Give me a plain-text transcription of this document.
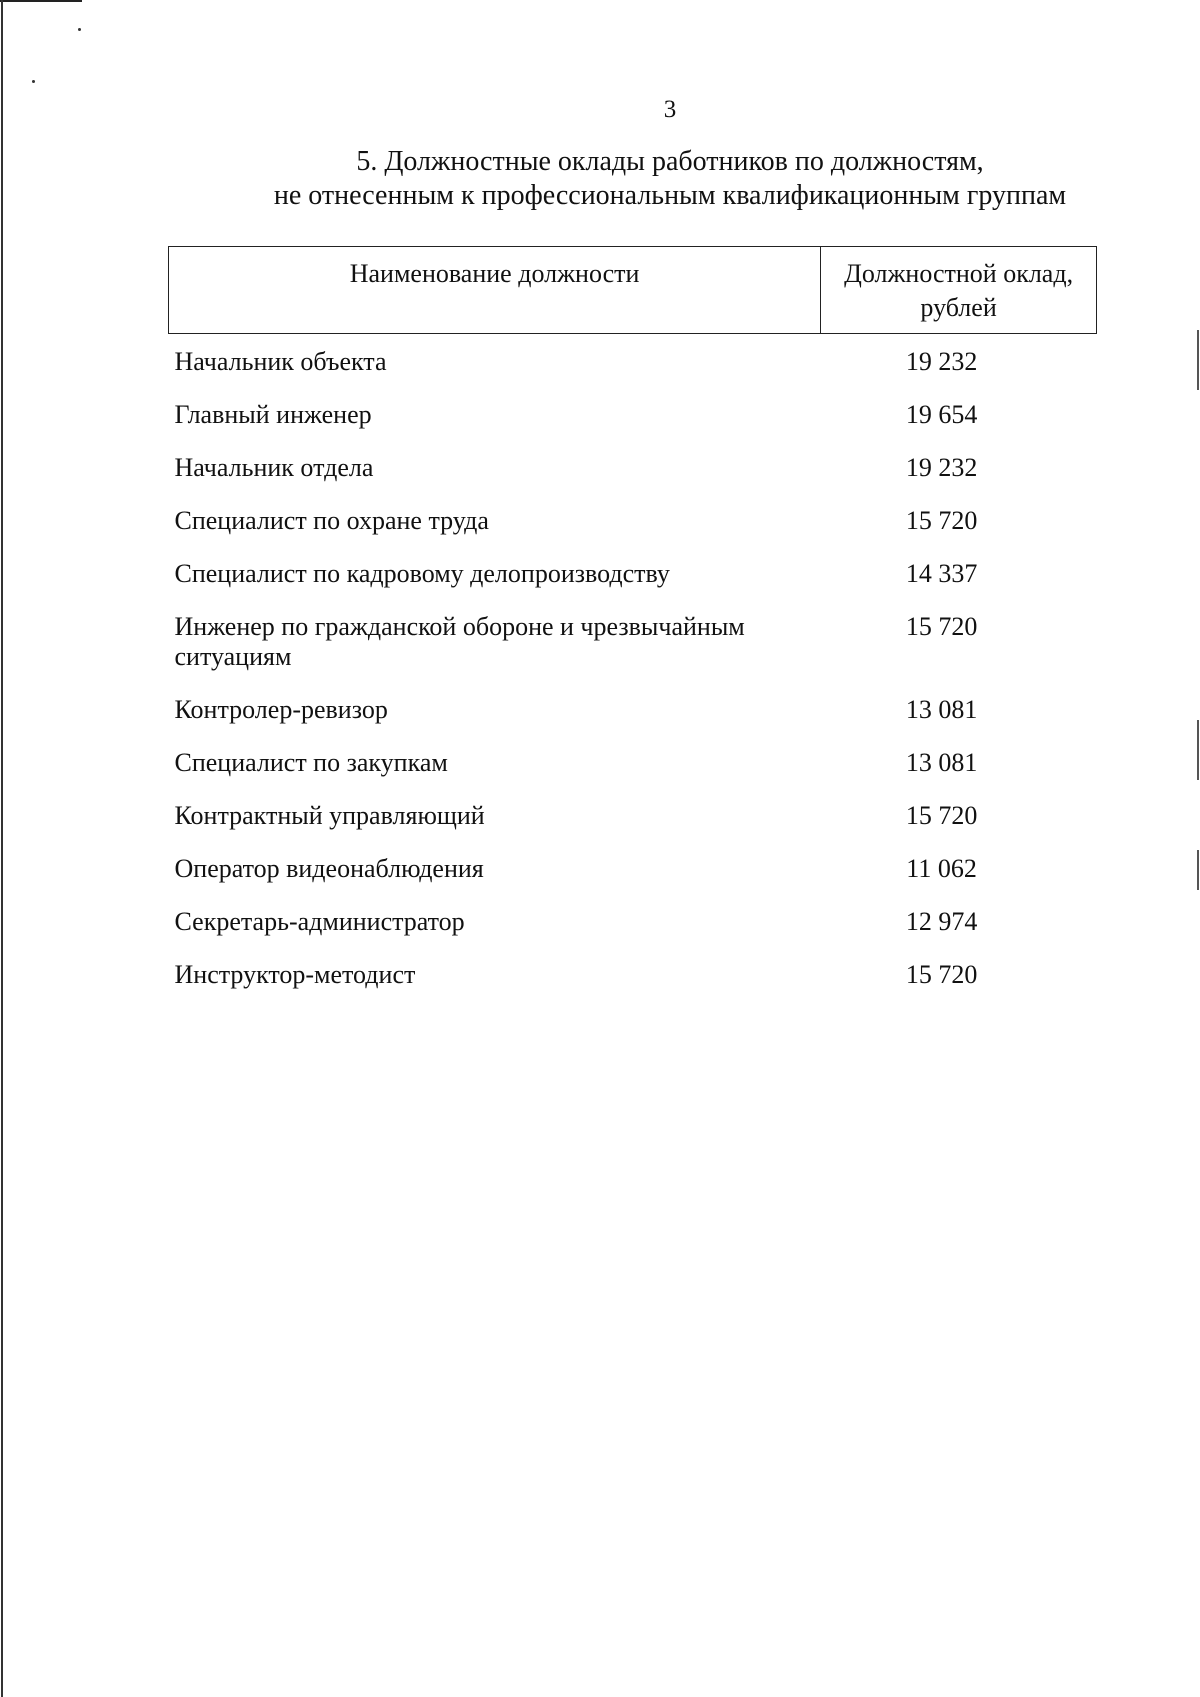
3
5. Должностные оклады работников по должностям,
не отнесенным к профессиональным квалификационным группам
Наименование должности	Должностной оклад, рублей
Начальник объекта	19 232
Главный инженер	19 654
Начальник отдела	19 232
Специалист по охране труда	15 720
Специалист по кадровому делопроизводству	14 337
Инженер по гражданской обороне и чрезвычайным ситуациям	15 720
Контролер-ревизор	13 081
Специалист по закупкам	13 081
Контрактный управляющий	15 720
Оператор видеонаблюдения	11 062
Секретарь-администратор	12 974
Инструктор-методист	15 720
